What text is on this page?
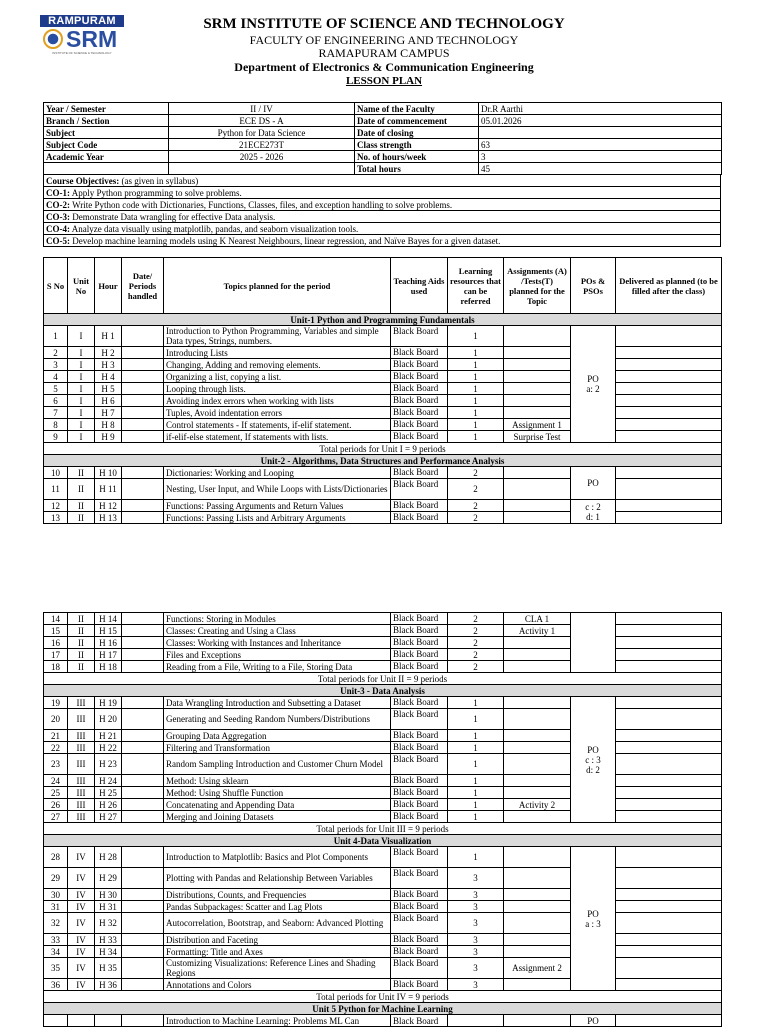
RAMPURAM
SRM
INSTITUTE OF SCIENCE & TECHNOLOGY
SRM INSTITUTE OF SCIENCE AND TECHNOLOGY
FACULTY OF ENGINEERING AND TECHNOLOGY
RAMAPURAM CAMPUS
Department of Electronics & Communication Engineering
LESSON PLAN
Year / Semester	II / IV	Name of the Faculty	Dr.R Aarthi
Branch / Section	ECE DS - A	Date of commencement	05.01.2026
Subject	Python for Data Science	Date of closing	
Subject Code	21ECE273T	Class strength	63
Academic Year	2025 - 2026	No. of hours/week	3
		Total hours	45
Course Objectives: (as given in syllabus)
CO-1: Apply Python programming to solve problems.
CO-2: Write Python code with Dictionaries, Functions, Classes, files, and exception handling to solve problems.
CO-3: Demonstrate Data wrangling for effective Data analysis.
CO-4: Analyze data visually using matplotlib, pandas, and seaborn visualization tools.
CO-5: Develop machine learning models using K Nearest Neighbours, linear regression, and Naïve Bayes for a given dataset.
S No	Unit No	Hour	Date/ Periods handled	Topics planned for the period	Teaching Aids used	Learning resources that can be referred	Assignments (A) /Tests(T) planned for the Topic	POs & PSOs	Delivered as planned (to be filled after the class)
Unit-1 Python and Programming Fundamentals									
1	I	H 1		Introduction to Python Programming, Variables and simple Data types, Strings, numbers.	Black Board	1		PO
a: 2	
2	I	H 2		Introducing Lists	Black Board	1			
3	I	H 3		Changing, Adding and removing elements.	Black Board	1			
4	I	H 4		Organizing a list, copying a list.	Black Board	1			
5	I	H 5		Looping through lists.	Black Board	1			
6	I	H 6		Avoiding index errors when working with lists	Black Board	1			
7	I	H 7		Tuples, Avoid indentation errors	Black Board	1			
8	I	H 8		Control statements - If statements, if-elif statement.	Black Board	1	Assignment 1		
9	I	H 9		if-elif-else statement, If statements with lists.	Black Board	1	Surprise Test		
Total periods for Unit I = 9 periods									
Unit-2 - Algorithms, Data Structures and Performance Analysis									
10	II	H 10		Dictionaries: Working and Looping	Black Board	2		PO	
11	II	H 11		Nesting, User Input, and While Loops with Lists/Dictionaries	Black Board	2			
12	II	H 12		Functions: Passing Arguments and Return Values	Black Board	2		c : 2
d: 1	
13	II	H 13		Functions: Passing Lists and Arbitrary Arguments	Black Board	2			
14	II	H 14		Functions: Storing in Modules	Black Board	2	CLA 1		
15	II	H 15		Classes: Creating and Using a Class	Black Board	2	Activity 1		
16	II	H 16		Classes: Working with Instances and Inheritance	Black Board	2			
17	II	H 17		Files and Exceptions	Black Board	2			
18	II	H 18		Reading from a File, Writing to a File, Storing Data	Black Board	2			
Total periods for Unit II = 9 periods									
Unit-3 - Data Analysis									
19	III	H 19		Data Wrangling Introduction and Subsetting a Dataset	Black Board	1		PO
c : 3
d: 2	
20	III	H 20		Generating and Seeding Random Numbers/Distributions	Black Board	1			
21	III	H 21		Grouping Data Aggregation	Black Board	1			
22	III	H 22		Filtering and Transformation	Black Board	1			
23	III	H 23		Random Sampling Introduction and Customer Churn Model	Black Board	1			
24	III	H 24		Method: Using sklearn	Black Board	1			
25	III	H 25		Method: Using Shuffle Function	Black Board	1			
26	III	H 26		Concatenating and Appending Data	Black Board	1	Activity 2		
27	III	H 27		Merging and Joining Datasets	Black Board	1			
Total periods for Unit III = 9 periods									
Unit 4-Data Visualization									
28	IV	H 28		Introduction to Matplotlib: Basics and Plot Components	Black Board	1		PO
a : 3	
29	IV	H 29		Plotting with Pandas and Relationship Between Variables	Black Board	3			
30	IV	H 30		Distributions, Counts, and Frequencies	Black Board	3			
31	IV	H 31		Pandas Subpackages: Scatter and Lag Plots	Black Board	3			
32	IV	H 32		Autocorrelation, Bootstrap, and Seaborn: Advanced Plotting	Black Board	3			
33	IV	H 33		Distribution and Faceting	Black Board	3			
34	IV	H 34		Formatting: Title and Axes	Black Board	3			
35	IV	H 35		Customizing Visualizations: Reference Lines and Shading Regions	Black Board	3	Assignment 2		
36	IV	H 36		Annotations and Colors	Black Board	3			
Total periods for Unit IV = 9 periods									
Unit 5 Python for Machine Learning									
				Introduction to Machine Learning: Problems ML Can	Black Board			PO	
